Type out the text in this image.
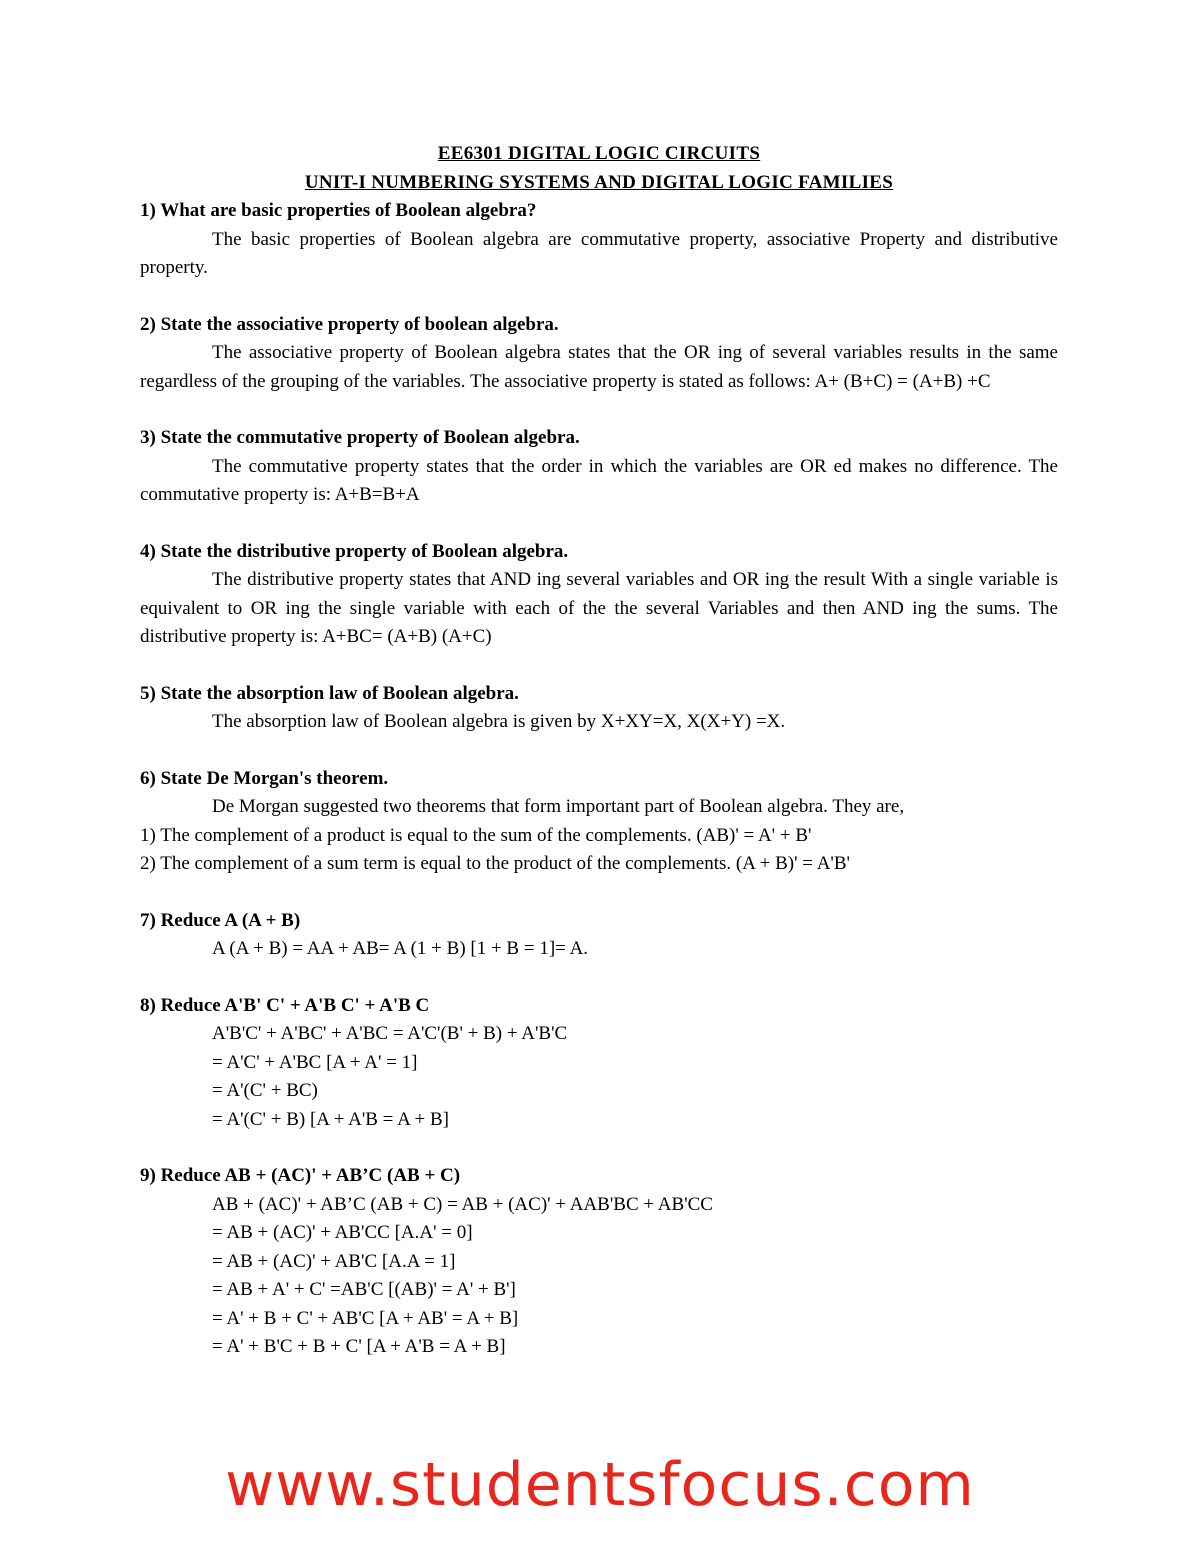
EE6301 DIGITAL LOGIC CIRCUITS
UNIT-I NUMBERING SYSTEMS AND DIGITAL LOGIC FAMILIES

1) What are basic properties of Boolean algebra?

The basic properties of Boolean algebra are commutative property, associative Property and distributive property.

2) State the associative property of boolean algebra.

The associative property of Boolean algebra states that the OR ing of several variables results in the same regardless of the grouping of the variables. The associative property is stated as follows: A+ (B+C) = (A+B) +C

3) State the commutative property of Boolean algebra.

The commutative property states that the order in which the variables are OR ed makes no difference. The commutative property is: A+B=B+A

4) State the distributive property of Boolean algebra.

The distributive property states that AND ing several variables and OR ing the result With a single variable is equivalent to OR ing the single variable with each of the the several Variables and then AND ing the sums. The distributive property is: A+BC= (A+B) (A+C)

5) State the absorption law of Boolean algebra.

The absorption law of Boolean algebra is given by X+XY=X, X(X+Y) =X.

6) State De Morgan's theorem.

De Morgan suggested two theorems that form important part of Boolean algebra. They are,

1) The complement of a product is equal to the sum of the complements. (AB)' = A' + B'

2) The complement of a sum term is equal to the product of the complements. (A + B)' = A'B'

7) Reduce A (A + B)

A (A + B) = AA + AB= A (1 + B) [1 + B = 1]= A.

8) Reduce A'B' C' + A'B C' + A'B C

A'B'C' + A'BC' + A'BC = A'C'(B' + B) + A'B'C

= A'C' + A'BC [A + A' = 1]

= A'(C' + BC)

= A'(C' + B) [A + A'B = A + B]

9) Reduce AB + (AC)' + AB’C (AB + C)

AB + (AC)' + AB’C (AB + C) = AB + (AC)' + AAB'BC + AB'CC

= AB + (AC)' + AB'CC [A.A' = 0]

= AB + (AC)' + AB'C [A.A = 1]

= AB + A' + C' =AB'C [(AB)' = A' + B']

= A' + B + C' + AB'C [A + AB' = A + B]

= A' + B'C + B + C' [A + A'B = A + B]

www.studentsfocus.com
